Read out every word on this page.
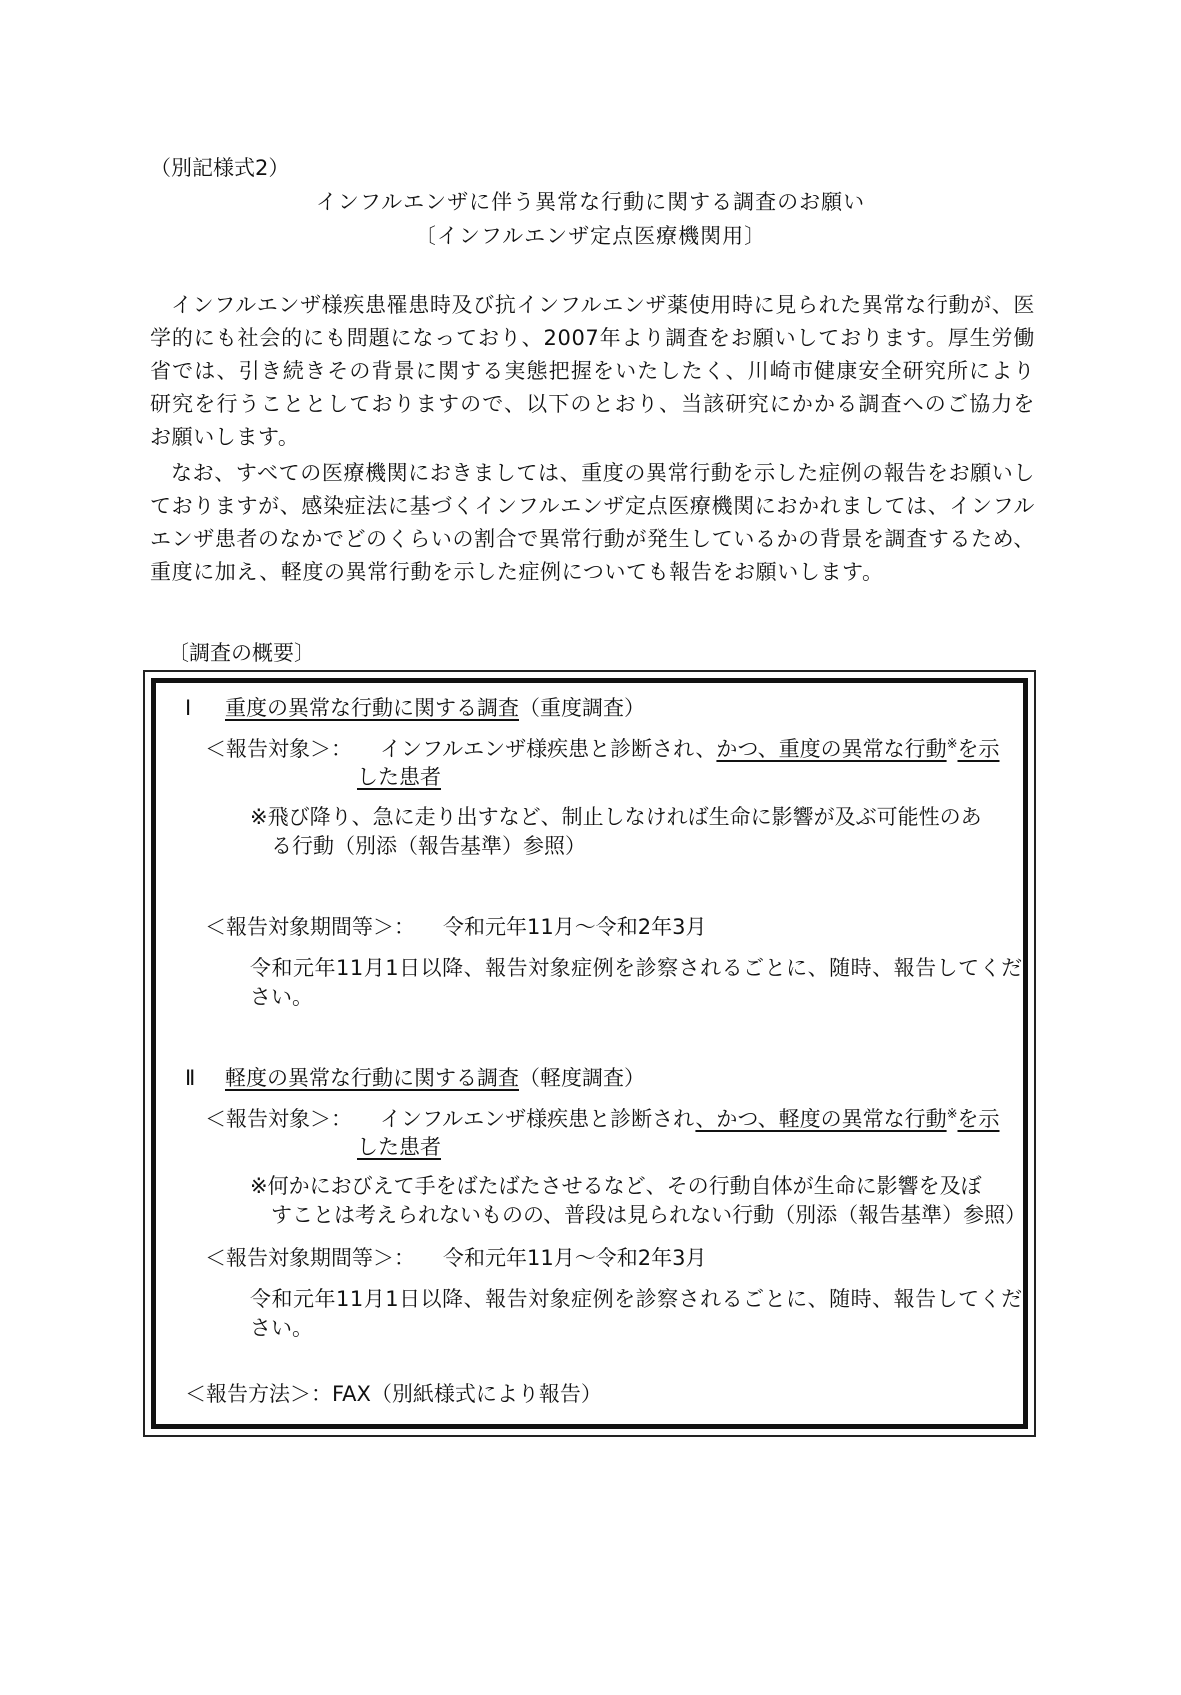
（別記様式2）
インフルエンザに伴う異常な行動に関する調査のお願い
〔インフルエンザ定点医療機関用〕
インフルエンザ様疾患罹患時及び抗インフルエンザ薬使用時に見られた異常な行動が、医学的にも社会的にも問題になっており、2007年より調査をお願いしております。厚生労働省では、引き続きその背景に関する実態把握をいたしたく、川崎市健康安全研究所により研究を行うこととしておりますので、以下のとおり、当該研究にかかる調査へのご協力をお願いします。
なお、すべての医療機関におきましては、重度の異常行動を示した症例の報告をお願いしておりますが、感染症法に基づくインフルエンザ定点医療機関におかれましては、インフルエンザ患者のなかでどのくらいの割合で異常行動が発生しているかの背景を調査するため、重度に加え、軽度の異常行動を示した症例についても報告をお願いします。
〔調査の概要〕
Ⅰ 重度の異常な行動に関する調査（重度調査）
＜報告対象＞： インフルエンザ様疾患と診断され、かつ、重度の異常な行動※を示
した患者
※飛び降り、急に走り出すなど、制止しなければ生命に影響が及ぶ可能性のあ
る行動（別添（報告基準）参照）
＜報告対象期間等＞： 令和元年11月～令和2年3月
令和元年11月1日以降、報告対象症例を診察されるごとに、随時、報告してくだ
さい。
Ⅱ 軽度の異常な行動に関する調査（軽度調査）
＜報告対象＞： インフルエンザ様疾患と診断され、かつ、軽度の異常な行動※を示
した患者
※何かにおびえて手をばたばたさせるなど、その行動自体が生命に影響を及ぼ
すことは考えられないものの、普段は見られない行動（別添（報告基準）参照）
＜報告対象期間等＞： 令和元年11月～令和2年3月
令和元年11月1日以降、報告対象症例を診察されるごとに、随時、報告してくだ
さい。
＜報告方法＞：FAX（別紙様式により報告）
